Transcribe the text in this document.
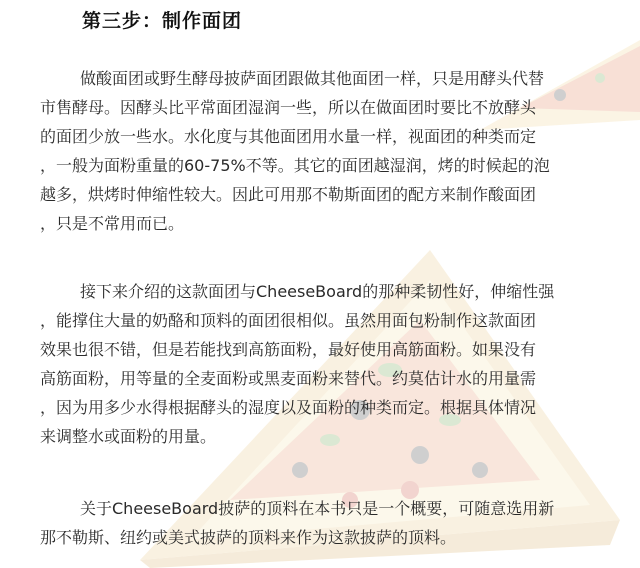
第三步：制作面团
做酸面团或野生酵母披萨面团跟做其他面团一样，只是用酵头代替
市售酵母。因酵头比平常面团湿润一些，所以在做面团时要比不放酵头
的面团少放一些水。水化度与其他面团用水量一样，视面团的种类而定
，一般为面粉重量的60-75%不等。其它的面团越湿润，烤的时候起的泡
越多，烘烤时伸缩性较大。因此可用那不勒斯面团的配方来制作酸面团
，只是不常用而已。
接下来介绍的这款面团与CheeseBoard的那种柔韧性好，伸缩性强
，能撑住大量的奶酪和顶料的面团很相似。虽然用面包粉制作这款面团
效果也很不错，但是若能找到高筋面粉，最好使用高筋面粉。如果没有
高筋面粉，用等量的全麦面粉或黑麦面粉来替代。约莫估计水的用量需
，因为用多少水得根据酵头的湿度以及面粉的种类而定。根据具体情况
来调整水或面粉的用量。
关于CheeseBoard披萨的顶料在本书只是一个概要，可随意选用新
那不勒斯、纽约或美式披萨的顶料来作为这款披萨的顶料。
